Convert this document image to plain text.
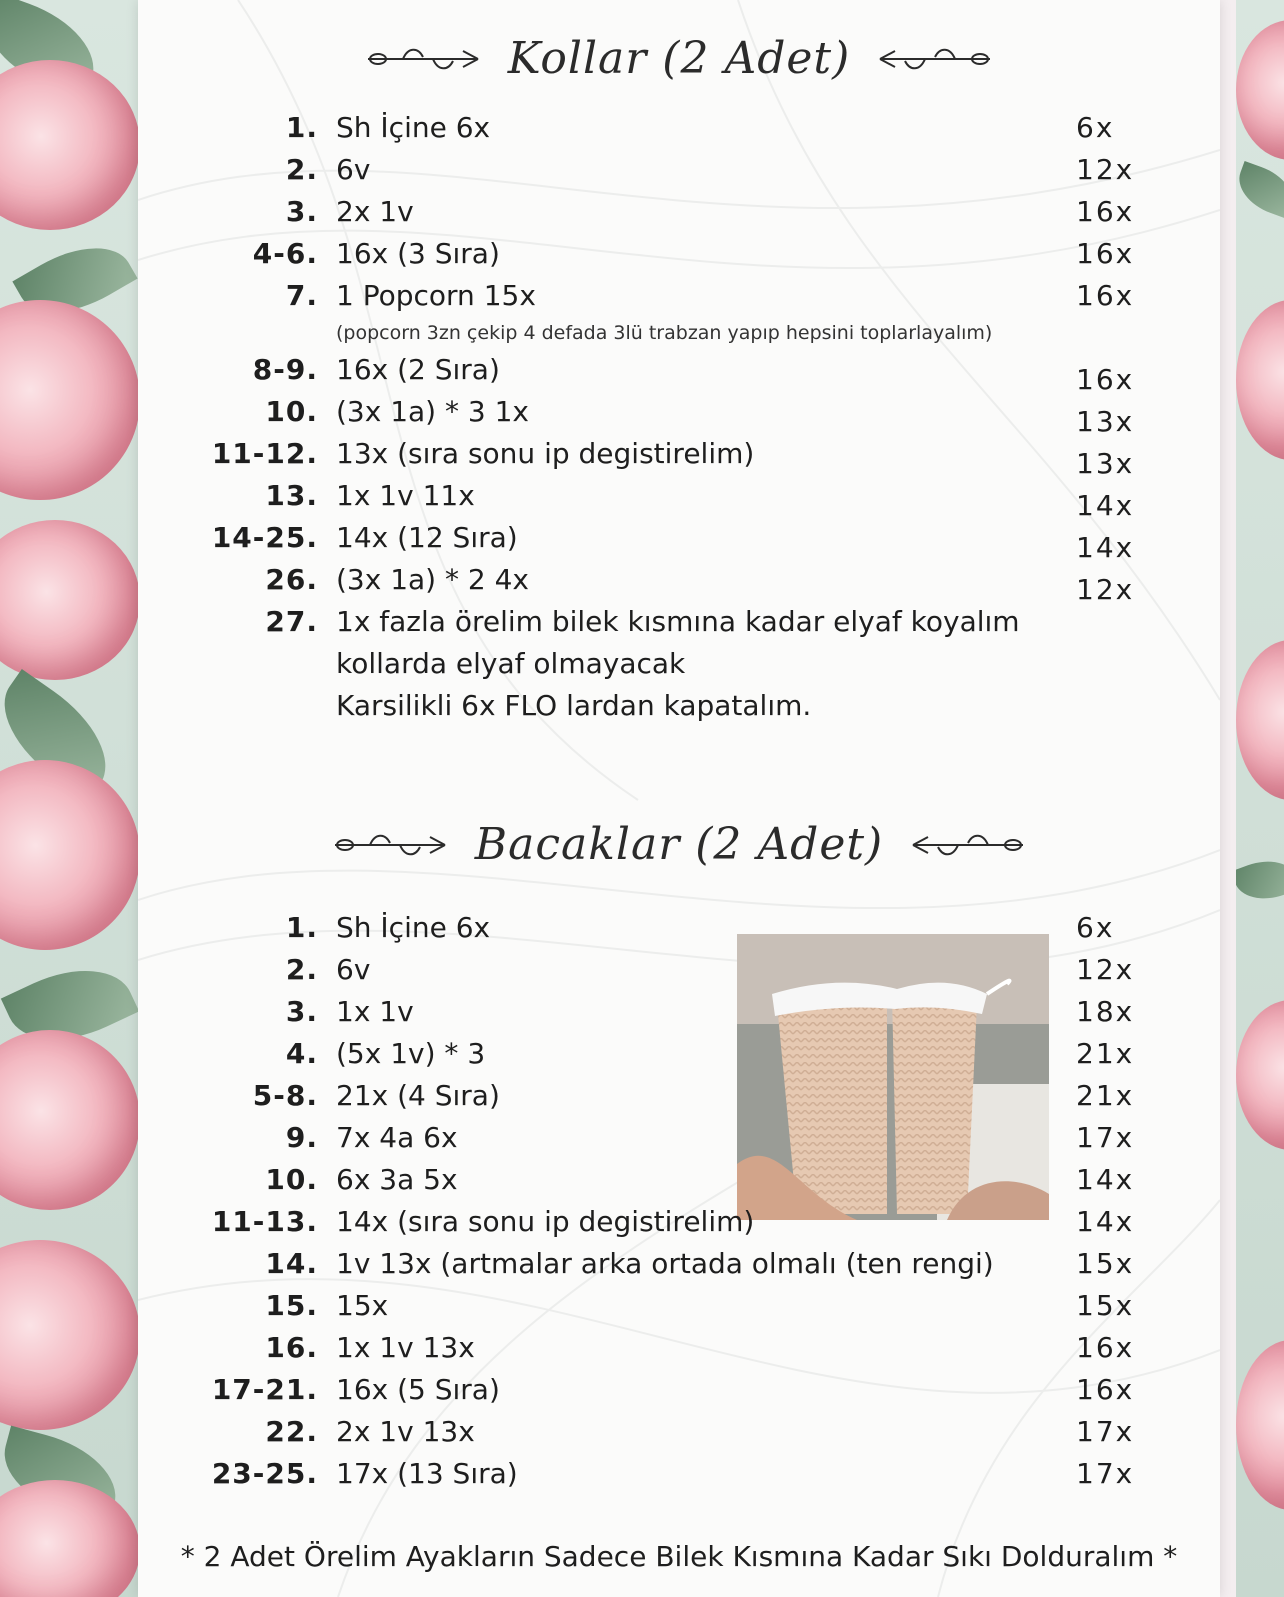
Kollar (2 Adet)
1. Sh İçine 6x	6x
2. 6v	12x
3. 2x 1v	16x
4-6. 16x (3 Sıra)	16x
7. 1 Popcorn 15x	16x
(popcorn 3zn çekip 4 defada 3lü trabzan yapıp hepsini toplarlayalım)
8-9. 16x (2 Sıra)	16x
10. (3x 1a) * 3 1x	13x
11-12. 13x (sıra sonu ip degistirelim)	13x
13. 1x 1v 11x	14x
14-25. 14x (12 Sıra)	14x
26. (3x 1a) * 2 4x	12x
27. 1x fazla örelim bilek kısmına kadar elyaf koyalım
kollarda elyaf olmayacak
Karsilikli 6x FLO lardan kapatalım.
Bacaklar (2 Adet)
1. Sh İçine 6x	6x
2. 6v	12x
3. 1x 1v	18x
4. (5x 1v) * 3	21x
5-8. 21x (4 Sıra)	21x
9. 7x 4a 6x	17x
10. 6x 3a 5x	14x
11-13. 14x (sıra sonu ip degistirelim)	14x
14. 1v 13x (artmalar arka ortada olmalı (ten rengi)	15x
15. 15x	15x
16. 1x 1v 13x	16x
17-21. 16x (5 Sıra)	16x
22. 2x 1v 13x	17x
23-25. 17x (13 Sıra)	17x
* 2 Adet Örelim Ayakların Sadece Bilek Kısmına Kadar Sıkı Dolduralım *
